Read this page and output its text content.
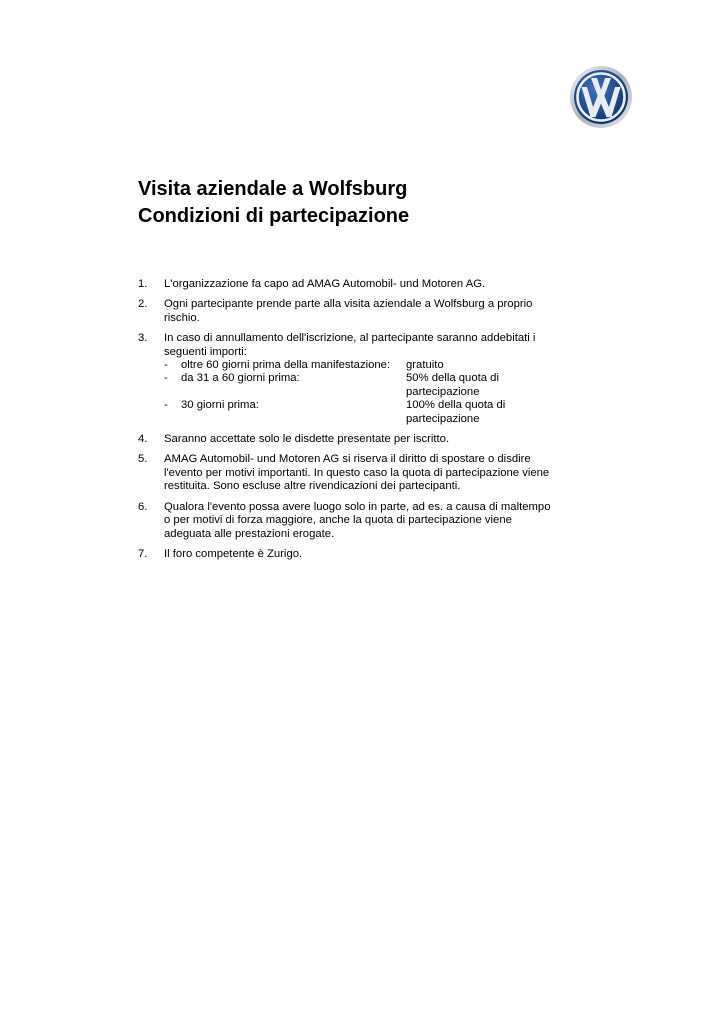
Visita aziendale a Wolfsburg
Condizioni di partecipazione
1. L'organizzazione fa capo ad AMAG Automobil- und Motoren AG.
2. Ogni partecipante prende parte alla visita aziendale a Wolfsburg a proprio rischio.
3. In caso di annullamento dell'iscrizione, al partecipante saranno addebitati i seguenti importi:
-	oltre 60 giorni prima della manifestazione:	gratuito
-	da 31 a 60 giorni prima:	50% della quota di partecipazione
-	30 giorni prima:	100% della quota di partecipazione
4. Saranno accettate solo le disdette presentate per iscritto.
5. AMAG Automobil- und Motoren AG si riserva il diritto di spostare o disdire l'evento per motivi importanti. In questo caso la quota di partecipazione viene restituita. Sono escluse altre rivendicazioni dei partecipanti.
6. Qualora l'evento possa avere luogo solo in parte, ad es. a causa di maltempo o per motivi di forza maggiore, anche la quota di partecipazione viene adeguata alle prestazioni erogate.
7. Il foro competente è Zurigo.
